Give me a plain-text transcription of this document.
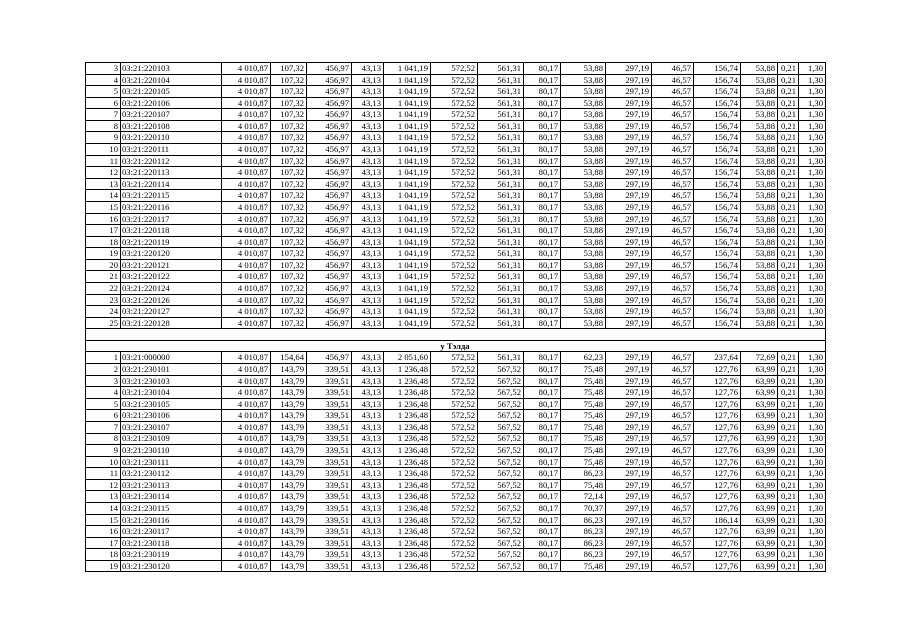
3	03:21:220103	4 010,87	107,32	456,97	43,13	1 041,19	572,52	561,31	80,17	53,88	297,19	46,57	156,74	53,88	0,21	1,30
4	03:21:220104	4 010,87	107,32	456,97	43,13	1 041,19	572,52	561,31	80,17	53,88	297,19	46,57	156,74	53,88	0,21	1,30
5	03:21:220105	4 010,87	107,32	456,97	43,13	1 041,19	572,52	561,31	80,17	53,88	297,19	46,57	156,74	53,88	0,21	1,30
6	03:21:220106	4 010,87	107,32	456,97	43,13	1 041,19	572,52	561,31	80,17	53,88	297,19	46,57	156,74	53,88	0,21	1,30
7	03:21:220107	4 010,87	107,32	456,97	43,13	1 041,19	572,52	561,31	80,17	53,88	297,19	46,57	156,74	53,88	0,21	1,30
8	03:21:220108	4 010,87	107,32	456,97	43,13	1 041,19	572,52	561,31	80,17	53,88	297,19	46,57	156,74	53,88	0,21	1,30
9	03:21:220110	4 010,87	107,32	456,97	43,13	1 041,19	572,52	561,31	80,17	53,88	297,19	46,57	156,74	53,88	0,21	1,30
10	03:21:220111	4 010,87	107,32	456,97	43,13	1 041,19	572,52	561,31	80,17	53,88	297,19	46,57	156,74	53,88	0,21	1,30
11	03:21:220112	4 010,87	107,32	456,97	43,13	1 041,19	572,52	561,31	80,17	53,88	297,19	46,57	156,74	53,88	0,21	1,30
12	03:21:220113	4 010,87	107,32	456,97	43,13	1 041,19	572,52	561,31	80,17	53,88	297,19	46,57	156,74	53,88	0,21	1,30
13	03:21:220114	4 010,87	107,32	456,97	43,13	1 041,19	572,52	561,31	80,17	53,88	297,19	46,57	156,74	53,88	0,21	1,30
14	03:21:220115	4 010,87	107,32	456,97	43,13	1 041,19	572,52	561,31	80,17	53,88	297,19	46,57	156,74	53,88	0,21	1,30
15	03:21:220116	4 010,87	107,32	456,97	43,13	1 041,19	572,52	561,31	80,17	53,88	297,19	46,57	156,74	53,88	0,21	1,30
16	03:21:220117	4 010,87	107,32	456,97	43,13	1 041,19	572,52	561,31	80,17	53,88	297,19	46,57	156,74	53,88	0,21	1,30
17	03:21:220118	4 010,87	107,32	456,97	43,13	1 041,19	572,52	561,31	80,17	53,88	297,19	46,57	156,74	53,88	0,21	1,30
18	03:21:220119	4 010,87	107,32	456,97	43,13	1 041,19	572,52	561,31	80,17	53,88	297,19	46,57	156,74	53,88	0,21	1,30
19	03:21:220120	4 010,87	107,32	456,97	43,13	1 041,19	572,52	561,31	80,17	53,88	297,19	46,57	156,74	53,88	0,21	1,30
20	03:21:220121	4 010,87	107,32	456,97	43,13	1 041,19	572,52	561,31	80,17	53,88	297,19	46,57	156,74	53,88	0,21	1,30
21	03:21:220122	4 010,87	107,32	456,97	43,13	1 041,19	572,52	561,31	80,17	53,88	297,19	46,57	156,74	53,88	0,21	1,30
22	03:21:220124	4 010,87	107,32	456,97	43,13	1 041,19	572,52	561,31	80,17	53,88	297,19	46,57	156,74	53,88	0,21	1,30
23	03:21:220126	4 010,87	107,32	456,97	43,13	1 041,19	572,52	561,31	80,17	53,88	297,19	46,57	156,74	53,88	0,21	1,30
24	03:21:220127	4 010,87	107,32	456,97	43,13	1 041,19	572,52	561,31	80,17	53,88	297,19	46,57	156,74	53,88	0,21	1,30
25	03:21:220128	4 010,87	107,32	456,97	43,13	1 041,19	572,52	561,31	80,17	53,88	297,19	46,57	156,74	53,88	0,21	1,30

у Тэлда																
1	03:21:000000	4 010,87	154,64	456,97	43,13	2 051,60	572,52	561,31	80,17	62,23	297,19	46,57	237,64	72,69	0,21	1,30
2	03:21:230101	4 010,87	143,79	339,51	43,13	1 236,48	572,52	567,52	80,17	75,48	297,19	46,57	127,76	63,99	0,21	1,30
3	03:21:230103	4 010,87	143,79	339,51	43,13	1 236,48	572,52	567,52	80,17	75,48	297,19	46,57	127,76	63,99	0,21	1,30
4	03:21:230104	4 010,87	143,79	339,51	43,13	1 236,48	572,52	567,52	80,17	75,48	297,19	46,57	127,76	63,99	0,21	1,30
5	03:21:230105	4 010,87	143,79	339,51	43,13	1 236,48	572,52	567,52	80,17	75,48	297,19	46,57	127,76	63,99	0,21	1,30
6	03:21:230106	4 010,87	143,79	339,51	43,13	1 236,48	572,52	567,52	80,17	75,48	297,19	46,57	127,76	63,99	0,21	1,30
7	03:21:230107	4 010,87	143,79	339,51	43,13	1 236,48	572,52	567,52	80,17	75,48	297,19	46,57	127,76	63,99	0,21	1,30
8	03:21:230109	4 010,87	143,79	339,51	43,13	1 236,48	572,52	567,52	80,17	75,48	297,19	46,57	127,76	63,99	0,21	1,30
9	03:21:230110	4 010,87	143,79	339,51	43,13	1 236,48	572,52	567,52	80,17	75,48	297,19	46,57	127,76	63,99	0,21	1,30
10	03:21:230111	4 010,87	143,79	339,51	43,13	1 236,48	572,52	567,52	80,17	75,48	297,19	46,57	127,76	63,99	0,21	1,30
11	03:21:230112	4 010,87	143,79	339,51	43,13	1 236,48	572,52	567,52	80,17	86,23	297,19	46,57	127,76	63,99	0,21	1,30
12	03:21:230113	4 010,87	143,79	339,51	43,13	1 236,48	572,52	567,52	80,17	75,48	297,19	46,57	127,76	63,99	0,21	1,30
13	03:21:230114	4 010,87	143,79	339,51	43,13	1 236,48	572,52	567,52	80,17	72,14	297,19	46,57	127,76	63,99	0,21	1,30
14	03:21:230115	4 010,87	143,79	339,51	43,13	1 236,48	572,52	567,52	80,17	70,37	297,19	46,57	127,76	63,99	0,21	1,30
15	03:21:230116	4 010,87	143,79	339,51	43,13	1 236,48	572,52	567,52	80,17	86,23	297,19	46,57	186,14	63,99	0,21	1,30
16	03:21:230117	4 010,87	143,79	339,51	43,13	1 236,48	572,52	567,52	80,17	86,23	297,19	46,57	127,76	63,99	0,21	1,30
17	03:21:230118	4 010,87	143,79	339,51	43,13	1 236,48	572,52	567,52	80,17	86,23	297,19	46,57	127,76	63,99	0,21	1,30
18	03:21:230119	4 010,87	143,79	339,51	43,13	1 236,48	572,52	567,52	80,17	86,23	297,19	46,57	127,76	63,99	0,21	1,30
19	03:21:230120	4 010,87	143,79	339,51	43,13	1 236,48	572,52	567,52	80,17	75,48	297,19	46,57	127,76	63,99	0,21	1,30
